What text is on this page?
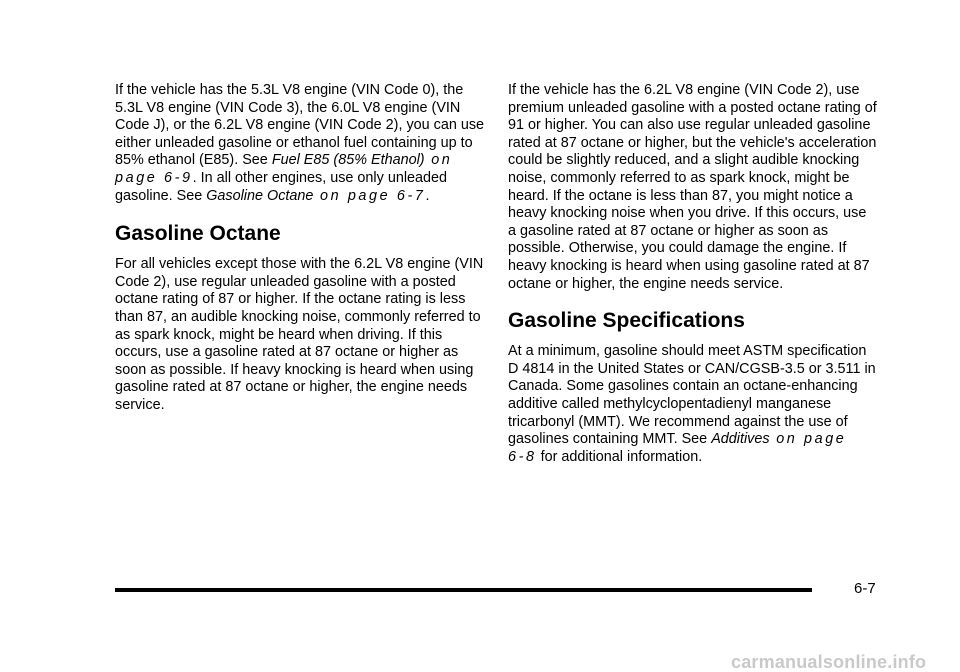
If the vehicle has the 5.3L V8 engine (VIN Code 0), the 5.3L V8 engine (VIN Code 3), the 6.0L V8 engine (VIN Code J), or the 6.2L V8 engine (VIN Code 2), you can use either unleaded gasoline or ethanol fuel containing up to 85% ethanol (E85). See Fuel E85 (85% Ethanol) on page 6‑9. In all other engines, use only unleaded gasoline. See Gasoline Octane on page 6‑7.

Gasoline Octane

For all vehicles except those with the 6.2L V8 engine (VIN Code 2), use regular unleaded gasoline with a posted octane rating of 87 or higher. If the octane rating is less than 87, an audible knocking noise, commonly referred to as spark knock, might be heard when driving. If this occurs, use a gasoline rated at 87 octane or higher as soon as possible. If heavy knocking is heard when using gasoline rated at 87 octane or higher, the engine needs service.

If the vehicle has the 6.2L V8 engine (VIN Code 2), use premium unleaded gasoline with a posted octane rating of 91 or higher. You can also use regular unleaded gasoline rated at 87 octane or higher, but the vehicle's acceleration could be slightly reduced, and a slight audible knocking noise, commonly referred to as spark knock, might be heard. If the octane is less than 87, you might notice a heavy knocking noise when you drive. If this occurs, use a gasoline rated at 87 octane or higher as soon as possible. Otherwise, you could damage the engine. If heavy knocking is heard when using gasoline rated at 87 octane or higher, the engine needs service.

Gasoline Specifications

At a minimum, gasoline should meet ASTM specification D 4814 in the United States or CAN/CGSB‑3.5 or 3.511 in Canada. Some gasolines contain an octane‑enhancing additive called methylcyclopentadienyl manganese tricarbonyl (MMT). We recommend against the use of gasolines containing MMT. See Additives on page 6‑8 for additional information.

6-7
carmanualsonline.info
